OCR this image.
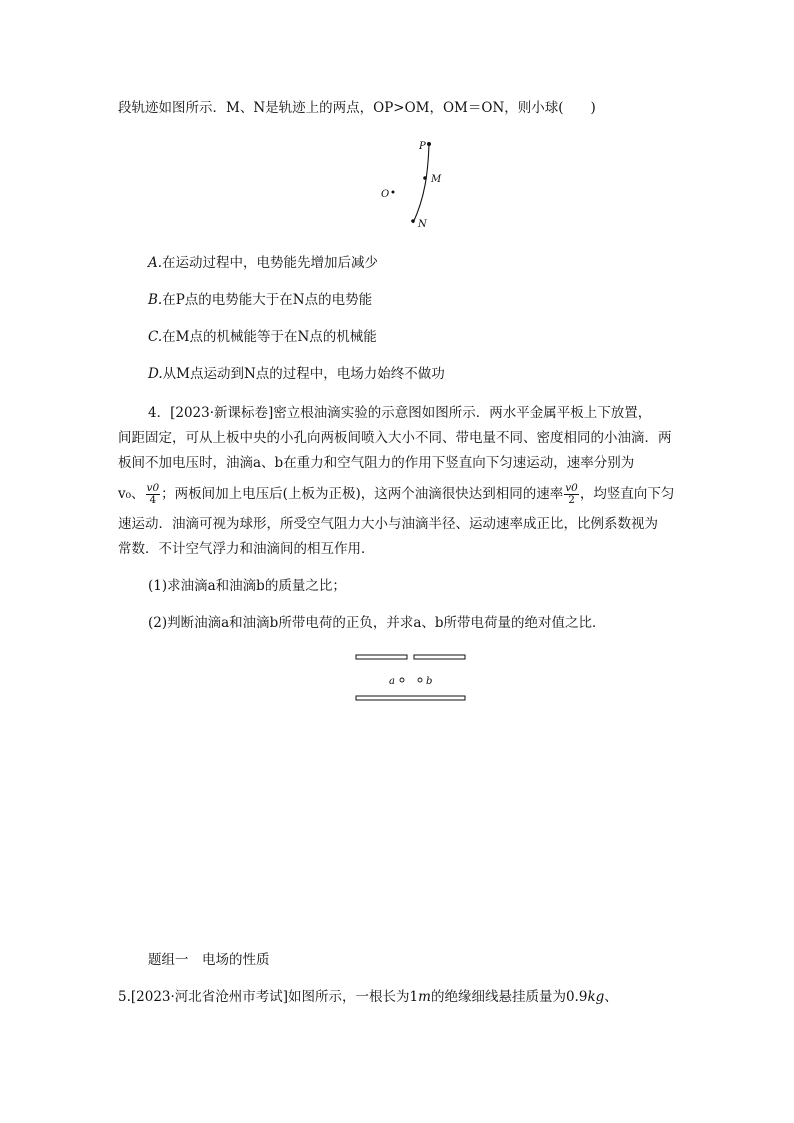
段轨迹如图所示．M、N是轨迹上的两点，OP>OM，OM＝ON，则小球(　　)
P
M
O
N
A.在运动过程中，电势能先增加后减少
B.在P点的电势能大于在N点的电势能
C.在M点的机械能等于在N点的机械能
D.从M点运动到N点的过程中，电场力始终不做功
4．[2023·新课标卷]密立根油滴实验的示意图如图所示．两水平金属平板上下放置，
间距固定，可从上板中央的小孔向两板间喷入大小不同、带电量不同、密度相同的小油滴．两
板间不加电压时，油滴a、b在重力和空气阻力的作用下竖直向下匀速运动，速率分别为
v₀、 $\frac{v0}{4}$ ；两板间加上电压后(上板为正极)，这两个油滴很快达到相同的速率 $\frac{v0}{2}$ ，均竖直向下匀
速运动．油滴可视为球形，所受空气阻力大小与油滴半径、运动速率成正比，比例系数视为
常数．不计空气浮力和油滴间的相互作用．
(1)求油滴a和油滴b的质量之比；
(2)判断油滴a和油滴b所带电荷的正负，并求a、b所带电荷量的绝对值之比．
a	b
题组一　电场的性质
5.[2023·河北省沧州市考试]如图所示，一根长为1m的绝缘细线悬挂质量为0.9kg、
